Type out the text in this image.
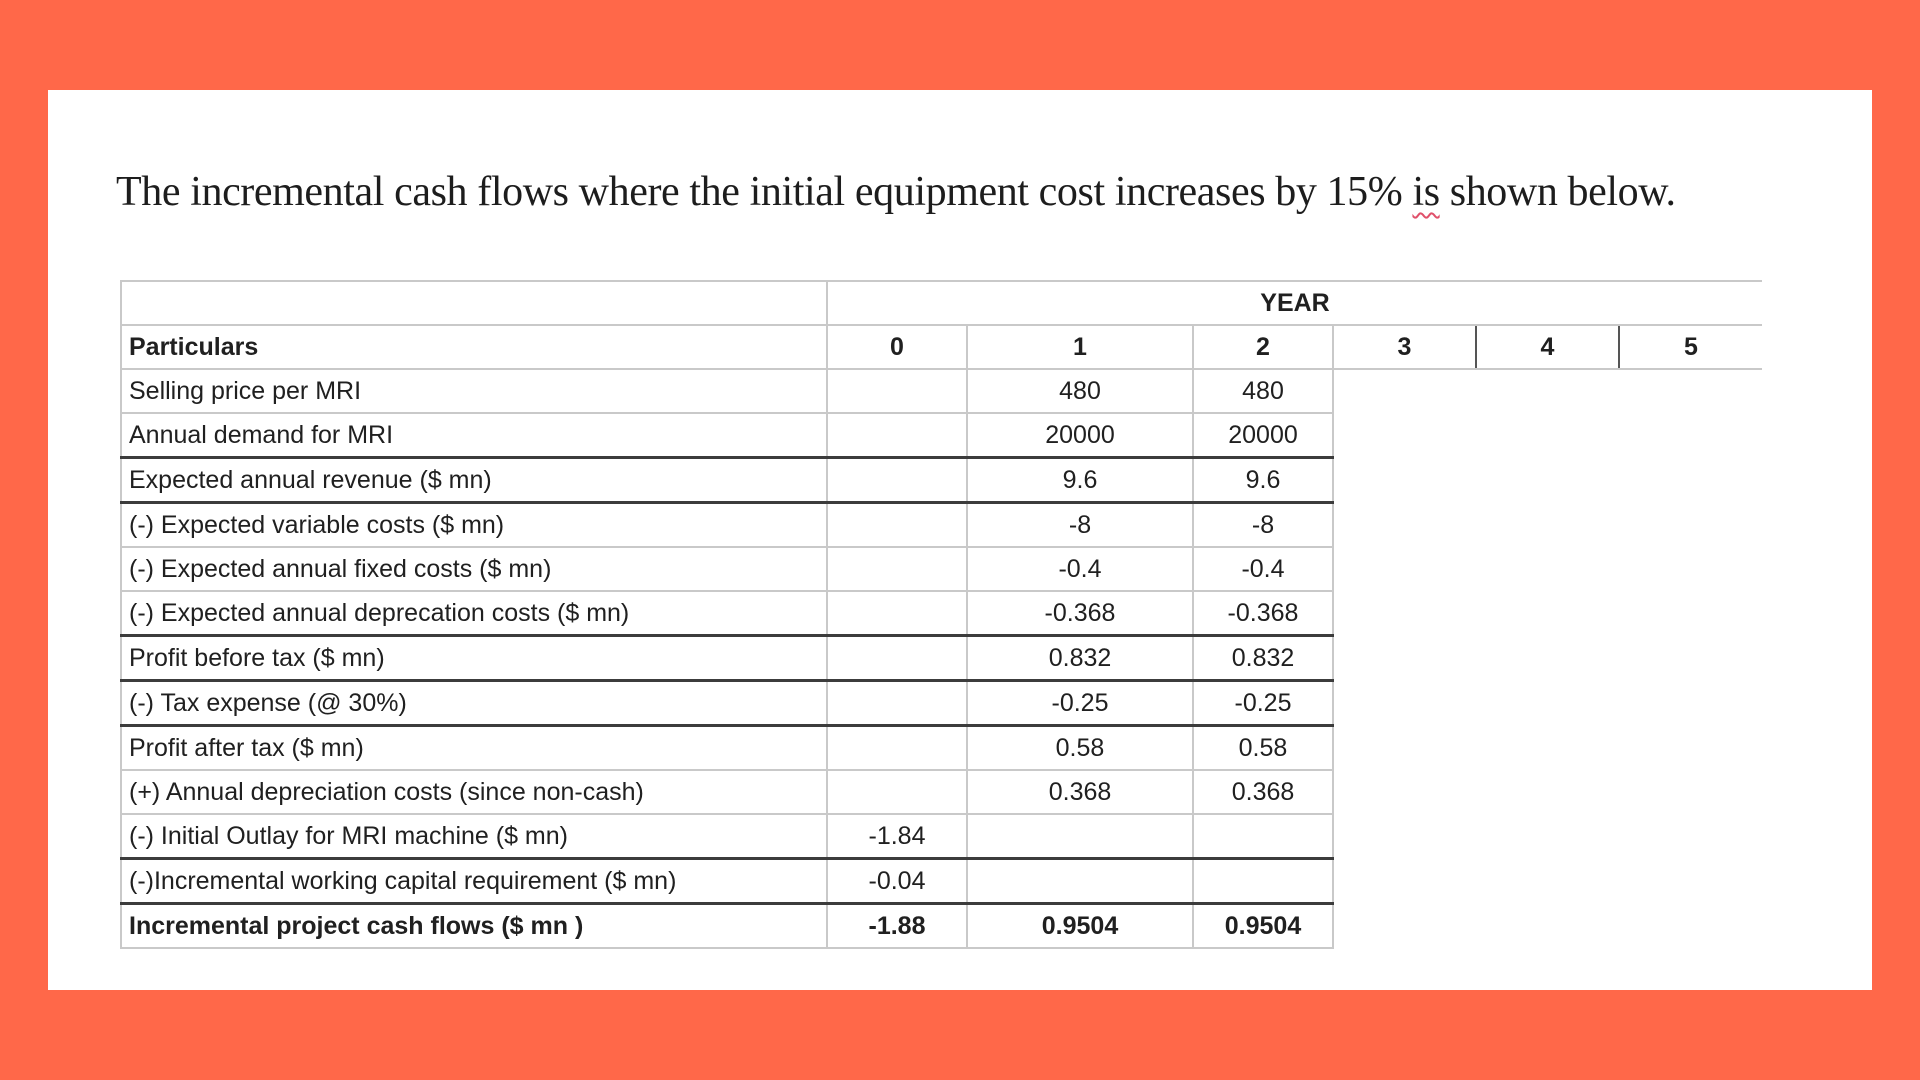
The incremental cash flows where the initial equipment cost increases by 15% is shown below.

	YEAR					
Particulars	0	1	2	3	4	5
Selling price per MRI		480	480			
Annual demand for MRI		20000	20000			
Expected annual revenue ($ mn)		9.6	9.6			
(-) Expected variable costs ($ mn)		-8	-8			
(-) Expected annual fixed costs ($ mn)		-0.4	-0.4			
(-) Expected annual deprecation costs ($ mn)		-0.368	-0.368			
Profit before tax ($ mn)		0.832	0.832			
(-) Tax expense (@ 30%)		-0.25	-0.25			
Profit after tax ($ mn)		0.58	0.58			
(+) Annual depreciation costs (since non-cash)		0.368	0.368			
(-) Initial Outlay for MRI machine ($ mn)	-1.84					
(-)Incremental working capital requirement ($ mn)	-0.04					
Incremental project cash flows ($ mn )	-1.88	0.9504	0.9504			
